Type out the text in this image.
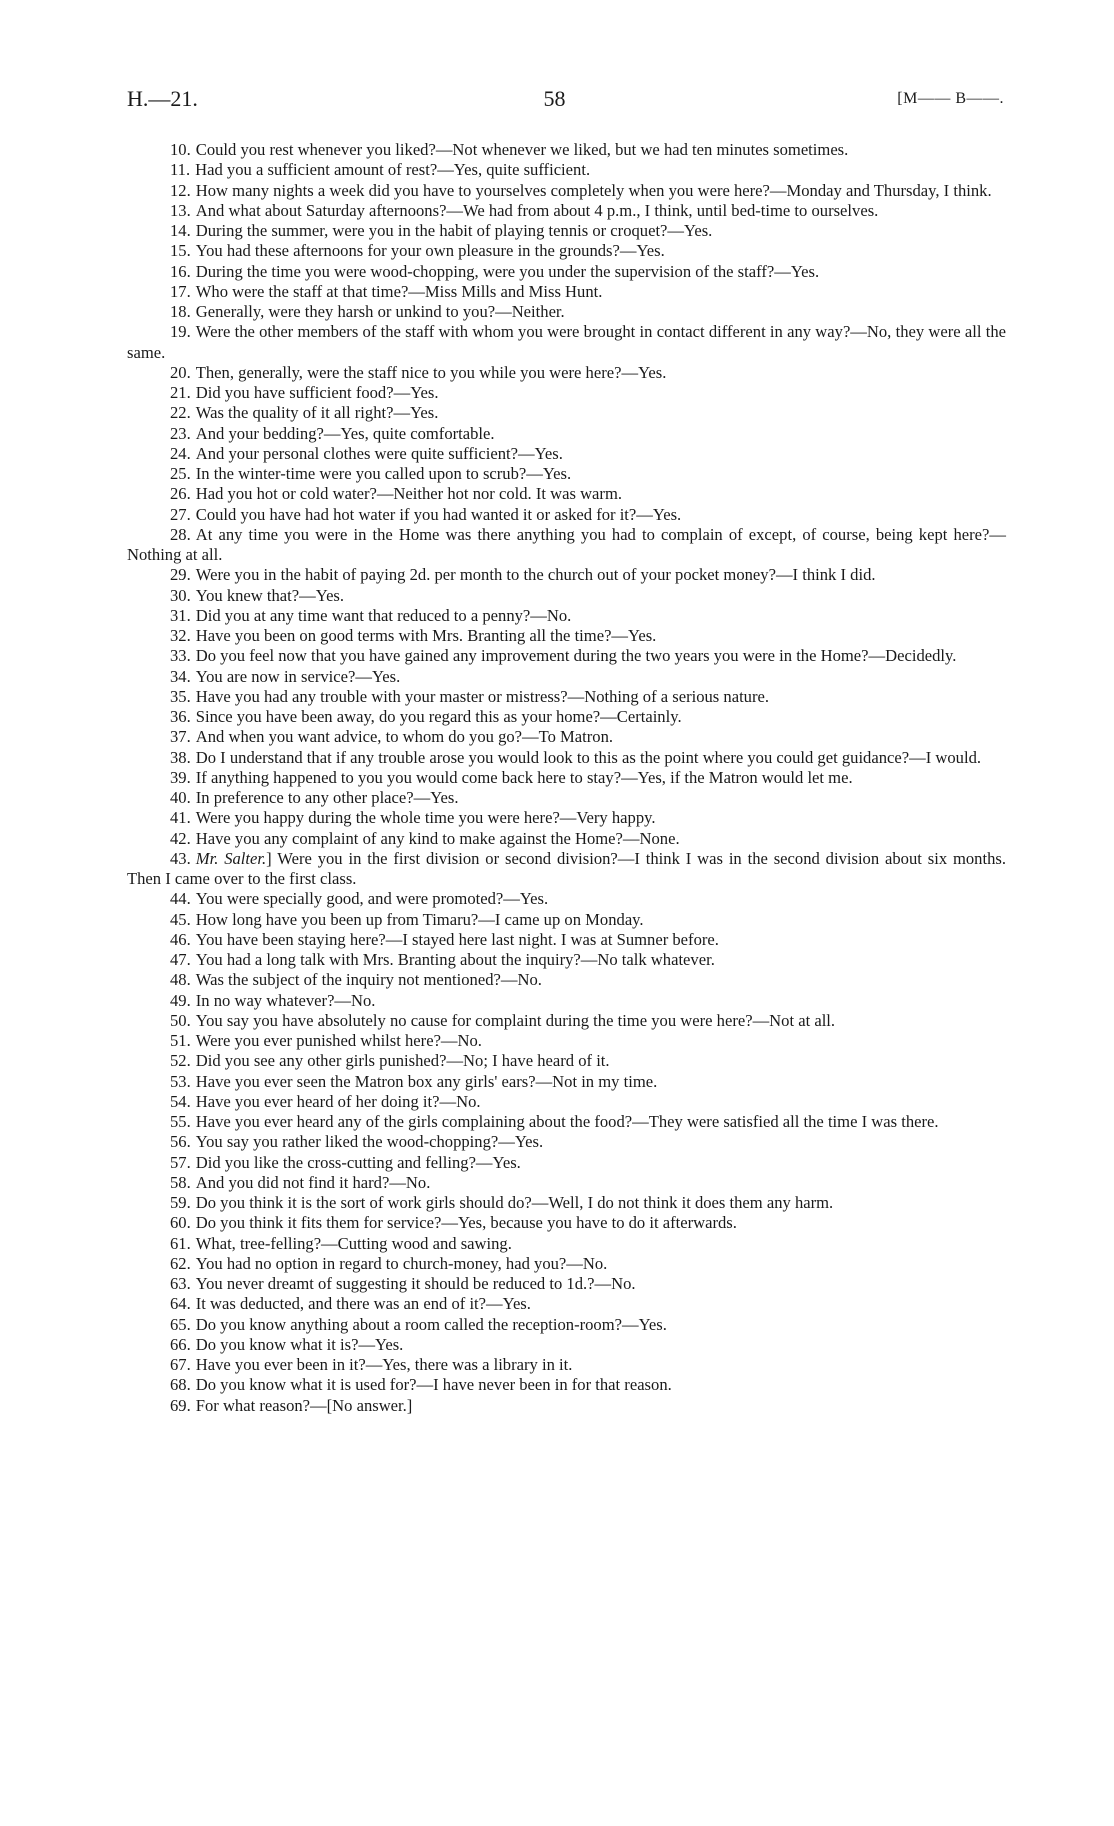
H.—21.	58	[M—— B——.

10. Could you rest whenever you liked?—Not whenever we liked, but we had ten minutes sometimes.

11. Had you a sufficient amount of rest?—Yes, quite sufficient.

12. How many nights a week did you have to yourselves completely when you were here?—Monday and Thursday, I think.

13. And what about Saturday afternoons?—We had from about 4 p.m., I think, until bed-time to ourselves.

14. During the summer, were you in the habit of playing tennis or croquet?—Yes.

15. You had these afternoons for your own pleasure in the grounds?—Yes.

16. During the time you were wood-chopping, were you under the supervision of the staff?—Yes.

17. Who were the staff at that time?—Miss Mills and Miss Hunt.

18. Generally, were they harsh or unkind to you?—Neither.

19. Were the other members of the staff with whom you were brought in contact different in any way?—No, they were all the same.

20. Then, generally, were the staff nice to you while you were here?—Yes.

21. Did you have sufficient food?—Yes.

22. Was the quality of it all right?—Yes.

23. And your bedding?—Yes, quite comfortable.

24. And your personal clothes were quite sufficient?—Yes.

25. In the winter-time were you called upon to scrub?—Yes.

26. Had you hot or cold water?—Neither hot nor cold. It was warm.

27. Could you have had hot water if you had wanted it or asked for it?—Yes.

28. At any time you were in the Home was there anything you had to complain of except, of course, being kept here?—Nothing at all.

29. Were you in the habit of paying 2d. per month to the church out of your pocket money?—I think I did.

30. You knew that?—Yes.

31. Did you at any time want that reduced to a penny?—No.

32. Have you been on good terms with Mrs. Branting all the time?—Yes.

33. Do you feel now that you have gained any improvement during the two years you were in the Home?—Decidedly.

34. You are now in service?—Yes.

35. Have you had any trouble with your master or mistress?—Nothing of a serious nature.

36. Since you have been away, do you regard this as your home?—Certainly.

37. And when you want advice, to whom do you go?—To Matron.

38. Do I understand that if any trouble arose you would look to this as the point where you could get guidance?—I would.

39. If anything happened to you you would come back here to stay?—Yes, if the Matron would let me.

40. In preference to any other place?—Yes.

41. Were you happy during the whole time you were here?—Very happy.

42. Have you any complaint of any kind to make against the Home?—None.

43. Mr. Salter.] Were you in the first division or second division?—I think I was in the second division about six months. Then I came over to the first class.

44. You were specially good, and were promoted?—Yes.

45. How long have you been up from Timaru?—I came up on Monday.

46. You have been staying here?—I stayed here last night. I was at Sumner before.

47. You had a long talk with Mrs. Branting about the inquiry?—No talk whatever.

48. Was the subject of the inquiry not mentioned?—No.

49. In no way whatever?—No.

50. You say you have absolutely no cause for complaint during the time you were here?—Not at all.

51. Were you ever punished whilst here?—No.

52. Did you see any other girls punished?—No; I have heard of it.

53. Have you ever seen the Matron box any girls' ears?—Not in my time.

54. Have you ever heard of her doing it?—No.

55. Have you ever heard any of the girls complaining about the food?—They were satisfied all the time I was there.

56. You say you rather liked the wood-chopping?—Yes.

57. Did you like the cross-cutting and felling?—Yes.

58. And you did not find it hard?—No.

59. Do you think it is the sort of work girls should do?—Well, I do not think it does them any harm.

60. Do you think it fits them for service?—Yes, because you have to do it afterwards.

61. What, tree-felling?—Cutting wood and sawing.

62. You had no option in regard to church-money, had you?—No.

63. You never dreamt of suggesting it should be reduced to 1d.?—No.

64. It was deducted, and there was an end of it?—Yes.

65. Do you know anything about a room called the reception-room?—Yes.

66. Do you know what it is?—Yes.

67. Have you ever been in it?—Yes, there was a library in it.

68. Do you know what it is used for?—I have never been in for that reason.

69. For what reason?—[No answer.]
